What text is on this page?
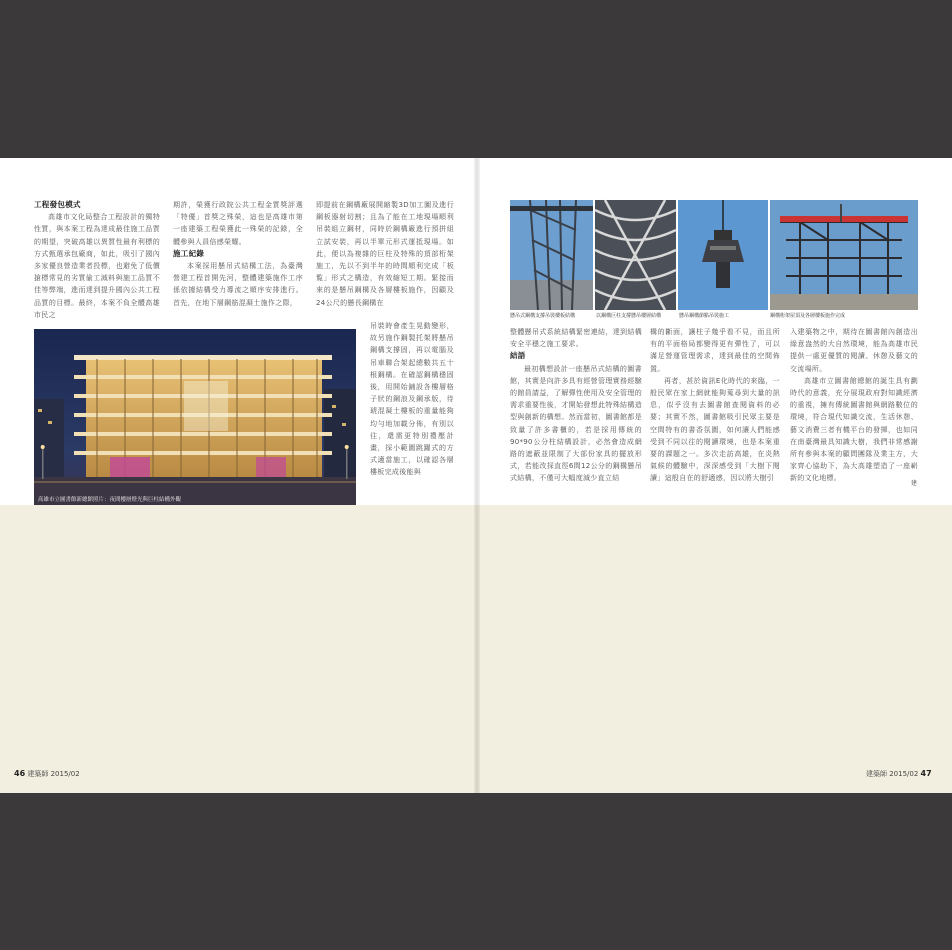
工程發包模式

高雄市文化局整合工程設計的獨特性質，與本案工程為達成最佳施工品質的期望，突破高雄以異質性最有利標的方式甄選承包廠商，如此，吸引了國內多家優良營造業者投標，也避免了低價搶標常見的劣質偷工減料與施工品質不佳等弊端，進而達到提升國內公共工程品質的目標。最終，本案不負全體高雄市民之

期許，榮獲行政院公共工程金質獎評選「特優」首獎之殊榮，這也是高雄市第一座建築工程榮獲此一殊榮的記錄，全體參與人員倍感榮耀。

施工紀錄

本案採用懸吊式結構工法，為臺灣營建工程首開先河，整體建築施作工序係依據結構受力導流之順序安排進行。首先，在地下層鋼筋混凝土施作之際，

即提前在鋼構廠展開縮製3D加工圖及進行鋼板器射切割；且為了能在工地現場順利吊裝組立鋼材，同時於鋼構廠進行預拼組立試安裝，再以半單元形式運抵現場。如此，便以為複雜的巨柱及特殊的頂部桁架施工，先以不到半年的時間順利完成「板覧」形式之構造，有效縮短工期。緊接而來的是懸吊鋼構及各層樓板施作，因顧及24公尺的懸長鋼構在

吊裝時會產生晃動變形，故另施作鋼製托架將懸吊鋼構支撐固，再以電腦及吊車聯合架起總數共五十根鋼構。在確認鋼構穩固後，用開始鋪設各樓層格子狀的鋼浪及鋼承版，待琥混凝土樓板的重量能夠均勻地加載分佈，有別以往，還需更特別禮壓計畫，採小範圍跳躍式的方式適當施工，以確認各層樓板完成後能與

高雄市立圖書館新總館照片：夜間樓層燈光與巨柱結構外觀
懸吊式鋼構支撐吊裝樓板結構	以鋼構巨柱支撐懸吊樓層結構	懸吊鋼構節點吊裝施工	鋼構桁架屋頂及各層樓板施作完成

整體懸吊式系統結構緊密連結，達到結構安全平穩之施工要求。

結語

最初構想設計一座懸吊式結構的圖書館，其實是向許多具有經營管理實務經驗的館員請益，了解彈性使用及安全管理的需求重要性後，才開始發想此特殊結構造型與創新的構想。然而當初，圖書館都是致量了許多書櫃的，若是採用傳統的90*90公分柱結構設計，必然會造成網路的遮蔽並限制了大部份家具的擺放形式，若能改採直徑6間12公分的鋼構懸吊式結構，不僅可大幅度減少直立結

構的斷面，讓柱子幾乎看不見，而且所有的平面格局都變得更有彈性了，可以滿足營運管理需求，達到最佳的空間佈置。

再者，甚於資訊E化時代的來臨，一般民眾在家上網就能夠蒐尋到大量的訊息，似乎沒有去圖書館查閱資料的必要；其實不然，圖書館吸引民眾主要是空間特有的書香氛圍，如何讓人們能感受到不同以往的閱讀環境，也是本案重要的課題之一。多次走訪高雄，在炎熱氣候的體驗中，深深感受到「大樹下閱讀」這般自在的舒適感，因以將大樹引

入建築物之中，期待在圖書館內創造出綠意盎然的大自然環境，能為高雄市民提供一處更優質的閱讀、休憩及藝文的交流場所。

高雄市立圖書館總館的誕生具有劃時代的意義，充分展現政府對知識經濟的重視，擁有傳統圖書館與網路數位的環境，符合現代知識交流，生活休憩、藝文消費三者有機平台的發揮，也如同在南臺灣最具知識大樹，我們非常感謝所有參與本案的顧問團隊及業主方，大家齊心協助下，為大高雄塑造了一座嶄新的文化地標。

建
46 建築師 2015/02	建築師 2015/02 47
